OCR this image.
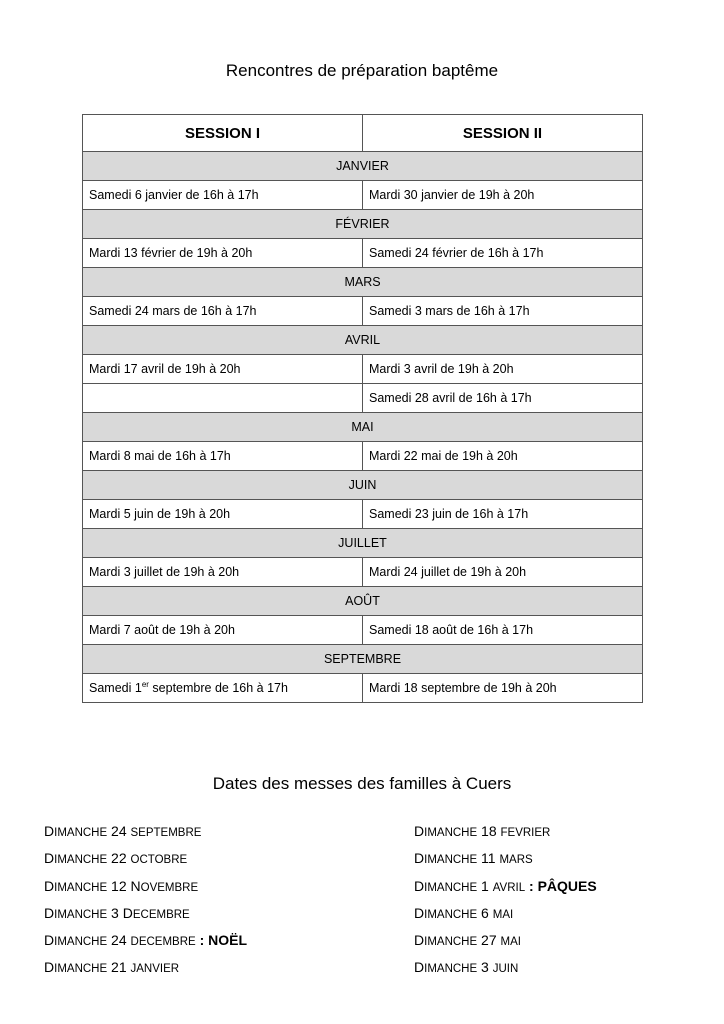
Rencontres de préparation baptême
SESSION I	SESSION II
JANVIER	
Samedi 6 janvier de 16h à 17h	Mardi 30 janvier de 19h à 20h
FÉVRIER	
Mardi 13 février de 19h à 20h	Samedi 24 février de 16h à 17h
MARS	
Samedi 24 mars de 16h à 17h	Samedi 3 mars de 16h à 17h
AVRIL	
Mardi 17 avril de 19h à 20h	Mardi 3 avril de 19h à 20h
	Samedi 28 avril de 16h à 17h
MAI	
Mardi 8 mai de 16h à 17h	Mardi 22 mai de 19h à 20h
JUIN	
Mardi 5 juin de 19h à 20h	Samedi 23 juin de 16h à 17h
JUILLET	
Mardi 3 juillet de 19h à 20h	Mardi 24 juillet de 19h à 20h
AOÛT	
Mardi 7 août de 19h à 20h	Samedi 18 août de 16h à 17h
SEPTEMBRE	
Samedi 1er septembre de 16h à 17h	Mardi 18 septembre de 19h à 20h
Dates des messes des familles à Cuers
DIMANCHE 24 SEPTEMBRE
DIMANCHE 22 OCTOBRE
DIMANCHE 12 NOVEMBRE
DIMANCHE 3 DECEMBRE
DIMANCHE 24 DECEMBRE : NOËL
DIMANCHE 21 JANVIER
DIMANCHE 18 FEVRIER
DIMANCHE 11 MARS
DIMANCHE 1 AVRIL : PÂQUES
DIMANCHE 6 MAI
DIMANCHE 27 MAI
DIMANCHE 3 JUIN
